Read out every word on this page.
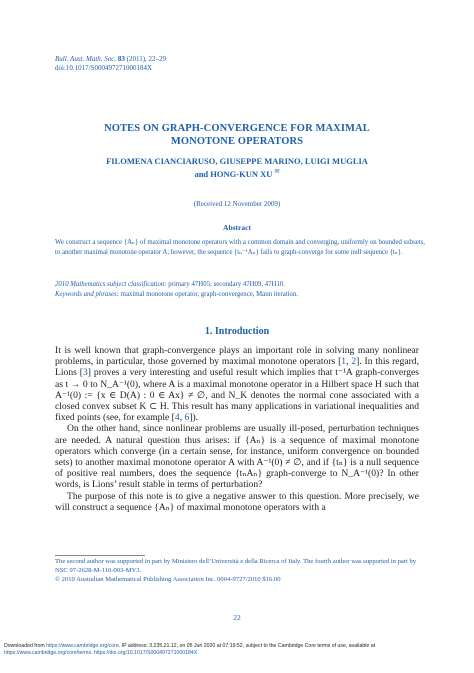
Bull. Aust. Math. Soc. 83 (2011), 22–29
doi:10.1017/S000497271000184X
NOTES ON GRAPH-CONVERGENCE FOR MAXIMAL
MONOTONE OPERATORS
FILOMENA CIANCIARUSO, GIUSEPPE MARINO, LUIGI MUGLIA
and HONG-KUN XU ✉
(Received 12 November 2009)
Abstract
We construct a sequence {Aₙ} of maximal monotone operators with a common domain and converging, uniformly on bounded subsets, to another maximal monotone operator A; however, the sequence {tₙ⁻¹Aₙ} fails to graph-converge for some null sequence {tₙ}.
2010 Mathematics subject classification: primary 47H05; secondary 47H09, 47H10.
Keywords and phrases: maximal monotone operator, graph-convergence, Mann iteration.
1. Introduction

It is well known that graph-convergence plays an important role in solving many nonlinear problems, in particular, those governed by maximal monotone operators [1, 2]. In this regard, Lions [3] proves a very interesting and useful result which implies that t⁻¹A graph-converges as t → 0 to N_A⁻¹(0), where A is a maximal monotone operator in a Hilbert space H such that A⁻¹(0) := {x ∈ D(A) : 0 ∈ Ax} ≠ ∅, and N_K denotes the normal cone associated with a closed convex subset K ⊂ H. This result has many applications in variational inequalities and fixed points (see, for example [4, 6]).

On the other hand, since nonlinear problems are usually ill-posed, perturbation techniques are needed. A natural question thus arises: if {Aₙ} is a sequence of maximal monotone operators which converge (in a certain sense, for instance, uniform convergence on bounded sets) to another maximal monotone operator A with A⁻¹(0) ≠ ∅, and if {tₙ} is a null sequence of positive real numbers, does the sequence {tₙAₙ} graph-converge to N_A⁻¹(0)? In other words, is Lions’ result stable in terms of perturbation?

The purpose of this note is to give a negative answer to this question. More precisely, we will construct a sequence {Aₙ} of maximal monotone operators with a

The second author was supported in part by Ministero dell’Università e della Ricerca of Italy. The fourth author was supported in part by NSC 97-2628-M-110-003-MY3.
© 2010 Australian Mathematical Publishing Association Inc. 0004-9727/2010 $16.00
22
Downloaded from https://www.cambridge.org/core. IP address: 3.235.21.12, on 05 Jun 2020 at 07:19:52, subject to the Cambridge Core terms of use, available at
https://www.cambridge.org/core/terms. https://doi.org/10.1017/S000497271000184X
